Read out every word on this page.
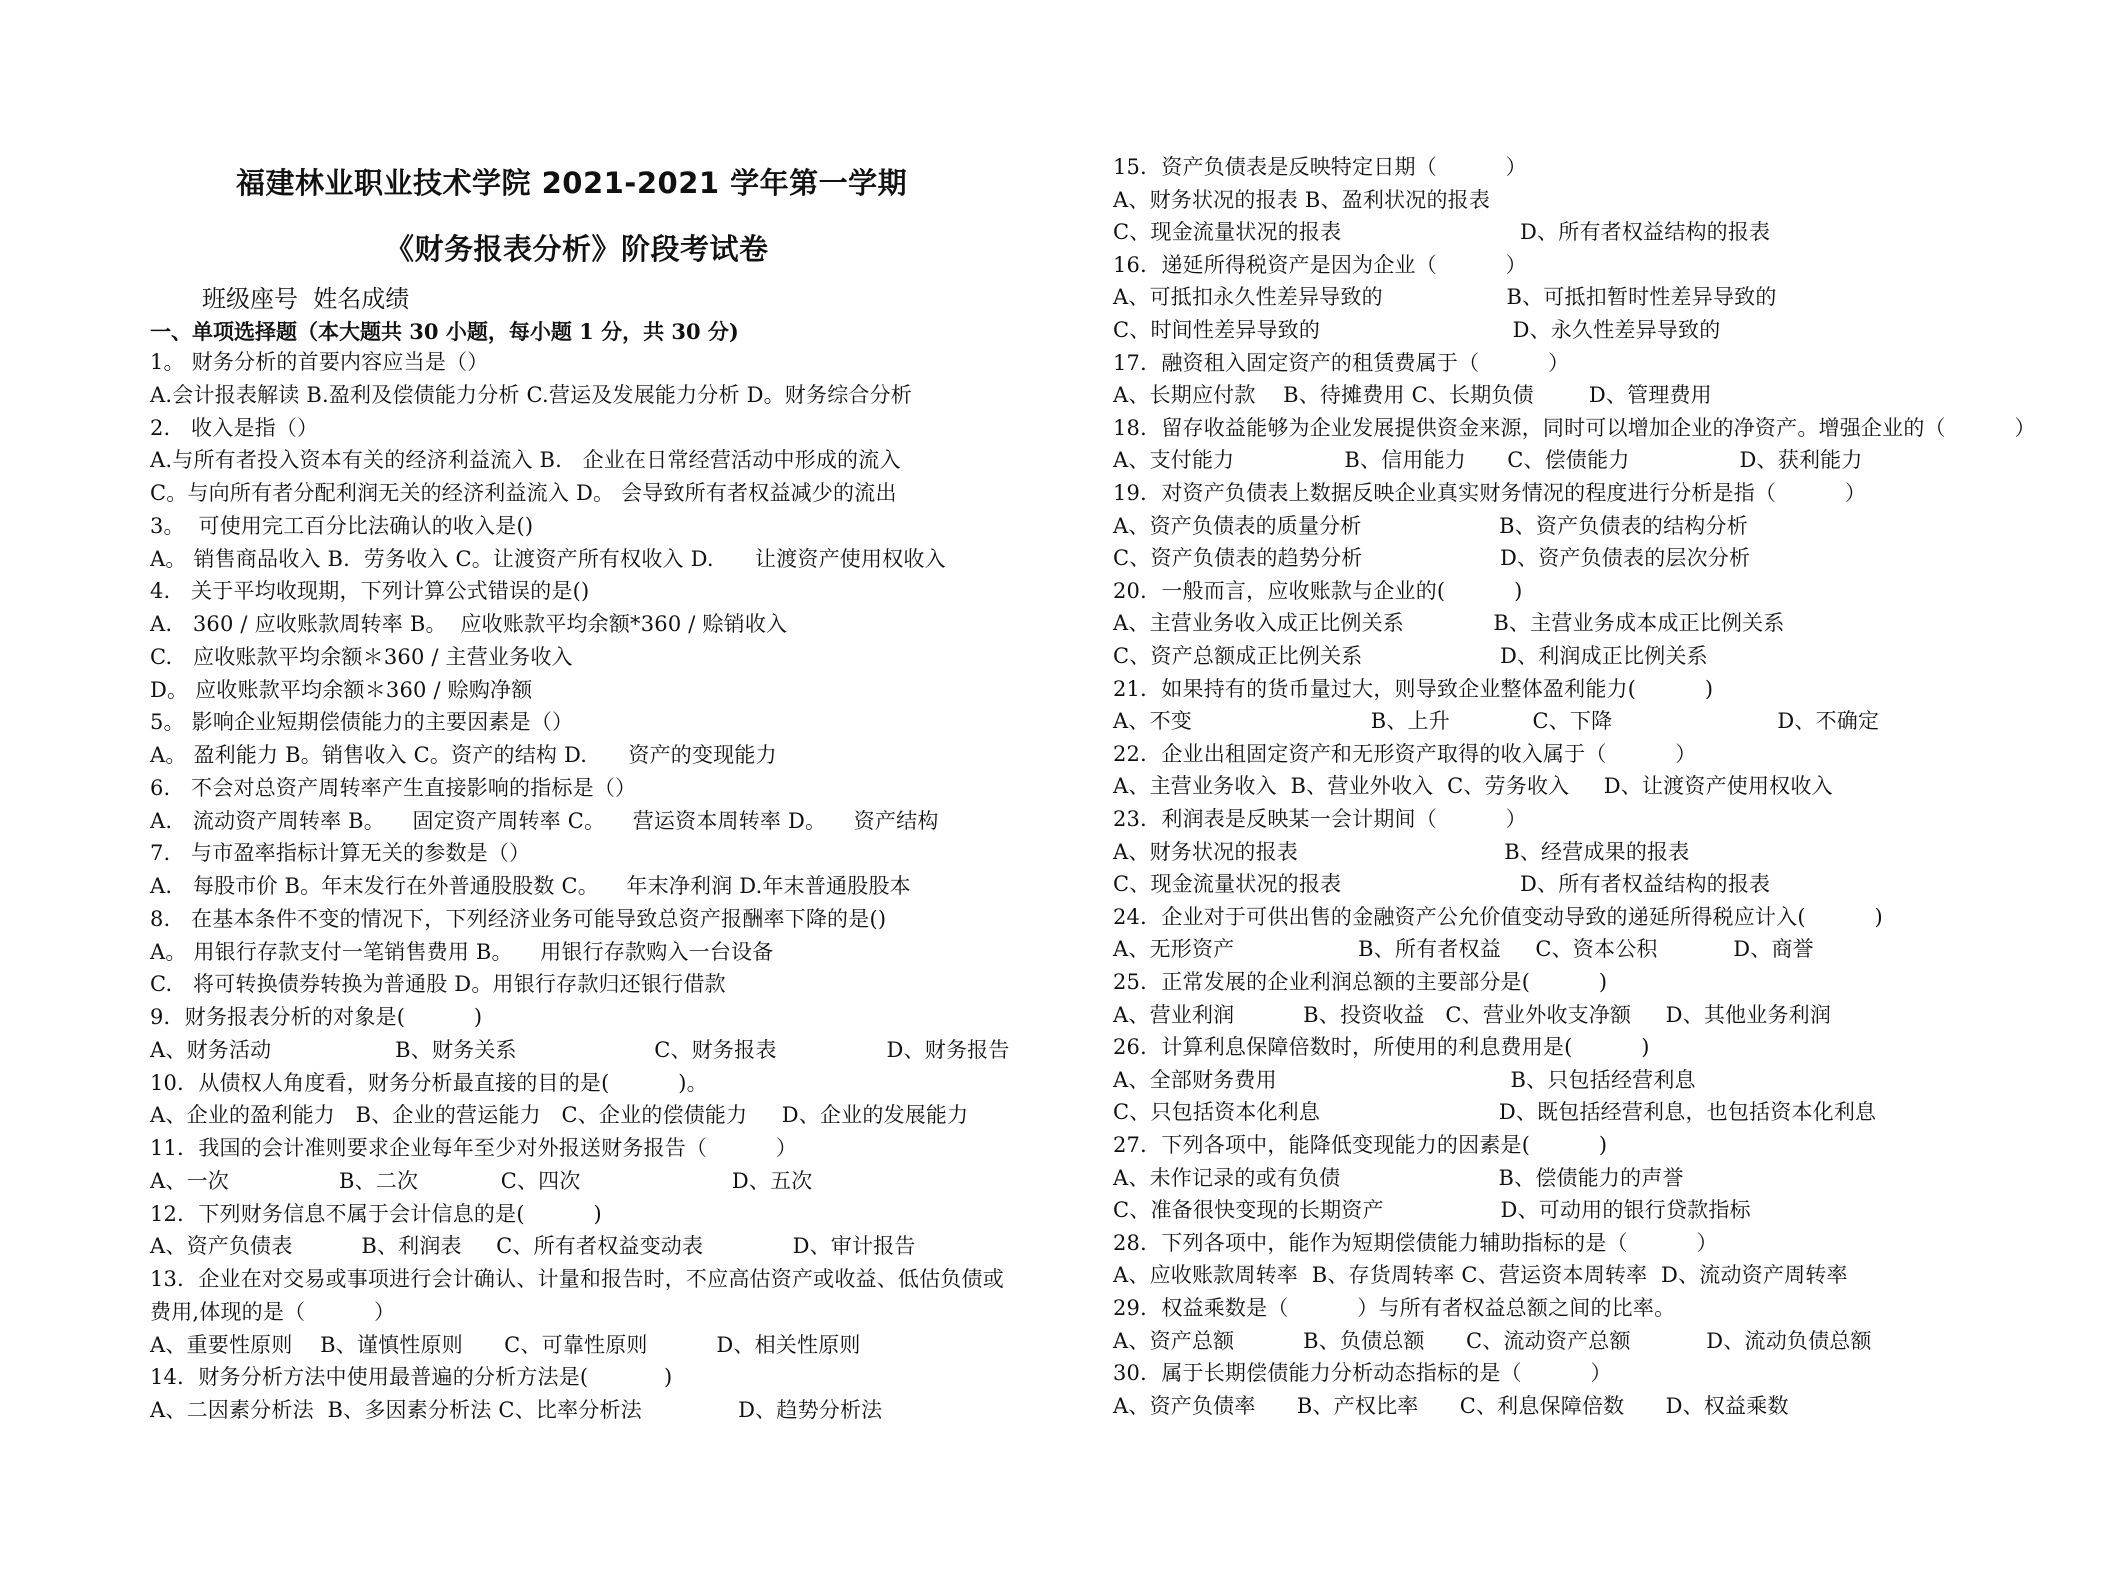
福建林业职业技术学院 2021-2021 学年第一学期
《财务报表分析》阶段考试卷
班级座号  姓名成绩
一、单项选择题（本大题共 30 小题，每小题 1 分，共 30 分)
1。 财务分析的首要内容应当是（）
A.会计报表解读 B.盈利及偿债能力分析 C.营运及发展能力分析 D。财务综合分析
2.   收入是指（）
A.与所有者投入资本有关的经济利益流入 B.   企业在日常经营活动中形成的流入
C。与向所有者分配利润无关的经济利益流入 D。 会导致所有者权益减少的流出
3。  可使用完工百分比法确认的收入是()
A。 销售商品收入 B.  劳务收入 C。让渡资产所有权收入 D.      让渡资产使用权收入
4.   关于平均收现期，下列计算公式错误的是()
A.   360 / 应收账款周转率 B。  应收账款平均余额*360 / 赊销收入
C.   应收账款平均余额＊360 / 主营业务收入
D。 应收账款平均余额＊360 / 赊购净额
5。 影响企业短期偿债能力的主要因素是（）
A。 盈利能力 B。销售收入 C。资产的结构 D.      资产的变现能力
6.   不会对总资产周转率产生直接影响的指标是（）
A.   流动资产周转率 B。    固定资产周转率 C。    营运资本周转率 D。    资产结构
7.   与市盈率指标计算无关的参数是（）
A.   每股市价 B。年末发行在外普通股股数 C。    年末净利润 D.年末普通股股本
8.   在基本条件不变的情况下，下列经济业务可能导致总资产报酬率下降的是()
A。 用银行存款支付一笔销售费用 B。    用银行存款购入一台设备
C.   将可转换债券转换为普通股 D。用银行存款归还银行借款
9．财务报表分析的对象是(          )
A、财务活动                  B、财务关系                    C、财务报表                D、财务报告
10．从债权人角度看，财务分析最直接的目的是(          )。
A、企业的盈利能力   B、企业的营运能力   C、企业的偿债能力     D、企业的发展能力
11．我国的会计准则要求企业每年至少对外报送财务报告（          ）
A、一次                B、二次            C、四次                      D、五次
12．下列财务信息不属于会计信息的是(          )
A、资产负债表          B、利润表     C、所有者权益变动表             D、审计报告
13．企业在对交易或事项进行会计确认、计量和报告时，不应高估资产或收益、低估负债或
费用,体现的是（          ）
A、重要性原则    B、谨慎性原则      C、可靠性原则          D、相关性原则
14．财务分析方法中使用最普遍的分析方法是(           )
A、二因素分析法  B、多因素分析法 C、比率分析法              D、趋势分析法
15．资产负债表是反映特定日期（          ）
A、财务状况的报表 B、盈利状况的报表
C、现金流量状况的报表                          D、所有者权益结构的报表
16．递延所得税资产是因为企业（          ）
A、可抵扣永久性差异导致的                  B、可抵扣暂时性差异导致的
C、时间性差异导致的                            D、永久性差异导致的
17．融资租入固定资产的租赁费属于（          ）
A、长期应付款    B、待摊费用 C、长期负债        D、管理费用
18．留存收益能够为企业发展提供资金来源，同时可以增加企业的净资产。增强企业的（          ）
A、支付能力                B、信用能力      C、偿债能力                D、获利能力
19．对资产负债表上数据反映企业真实财务情况的程度进行分析是指（          ）
A、资产负债表的质量分析                    B、资产负债表的结构分析
C、资产负债表的趋势分析                    D、资产负债表的层次分析
20．一般而言，应收账款与企业的(          )
A、主营业务收入成正比例关系             B、主营业务成本成正比例关系
C、资产总额成正比例关系                    D、利润成正比例关系
21．如果持有的货币量过大，则导致企业整体盈利能力(          )
A、不变                          B、上升            C、下降                        D、不确定
22．企业出租固定资产和无形资产取得的收入属于（          ）
A、主营业务收入  B、营业外收入  C、劳务收入     D、让渡资产使用权收入
23．利润表是反映某一会计期间（          ）
A、财务状况的报表                              B、经营成果的报表
C、现金流量状况的报表                          D、所有者权益结构的报表
24．企业对于可供出售的金融资产公允价值变动导致的递延所得税应计入(          )
A、无形资产                  B、所有者权益     C、资本公积           D、商誉
25．正常发展的企业利润总额的主要部分是(          )
A、营业利润          B、投资收益   C、营业外收支净额     D、其他业务利润
26．计算利息保障倍数时，所使用的利息费用是(          )
A、全部财务费用                                  B、只包括经营利息
C、只包括资本化利息                          D、既包括经营利息，也包括资本化利息
27．下列各项中，能降低变现能力的因素是(          )
A、未作记录的或有负债                       B、偿债能力的声誉
C、准备很快变现的长期资产                 D、可动用的银行贷款指标
28．下列各项中，能作为短期偿债能力辅助指标的是（          ）
A、应收账款周转率  B、存货周转率 C、营运资本周转率  D、流动资产周转率
29．权益乘数是（          ）与所有者权益总额之间的比率。
A、资产总额          B、负债总额      C、流动资产总额           D、流动负债总额
30．属于长期偿债能力分析动态指标的是（          ）
A、资产负债率      B、产权比率      C、利息保障倍数      D、权益乘数
